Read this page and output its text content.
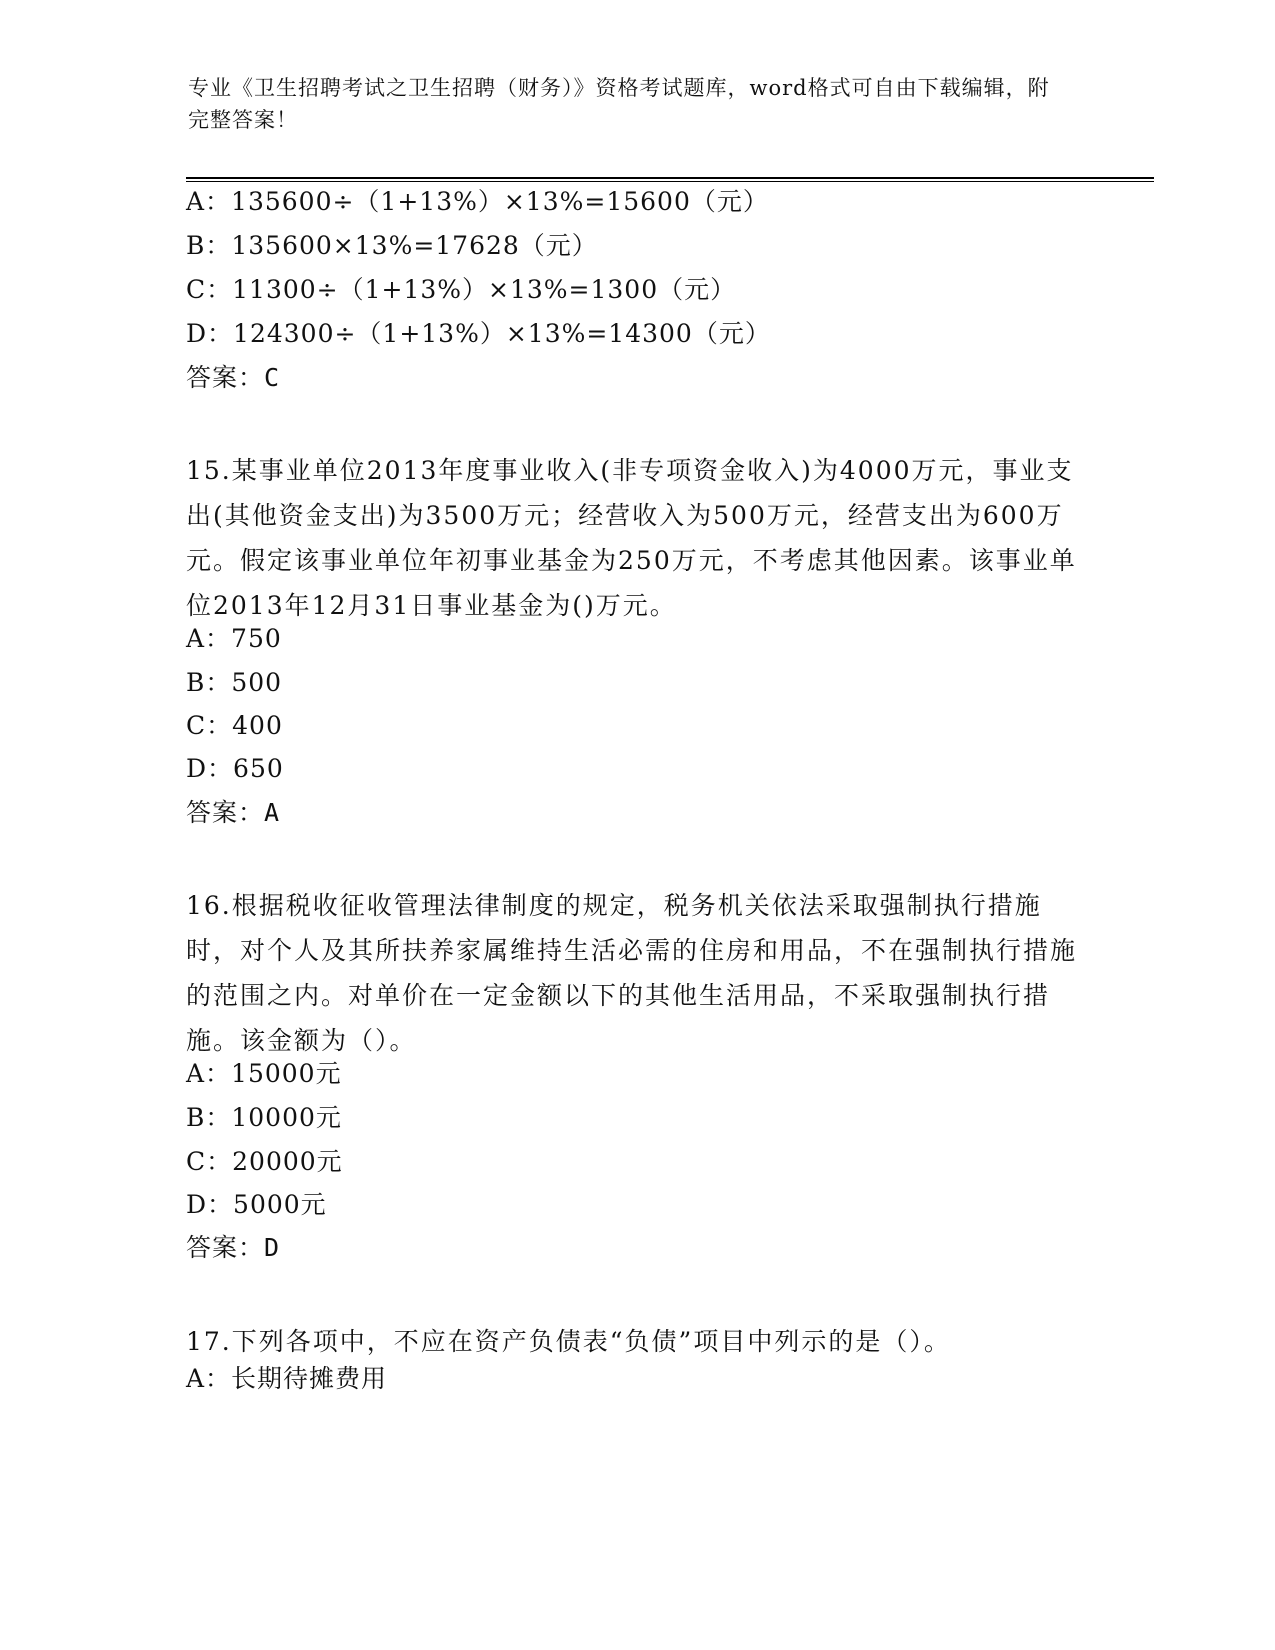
专业《卫生招聘考试之卫生招聘（财务）》资格考试题库，word格式可自由下载编辑，附完整答案！
A：135600÷（1+13%）×13%=15600（元）
B：135600×13%=17628（元）
C：11300÷（1+13%）×13%=1300（元）
D：124300÷（1+13%）×13%=14300（元）
答案：C
15.某事业单位2013年度事业收入(非专项资金收入)为4000万元，事业支出(其他资金支出)为3500万元；经营收入为500万元，经营支出为600万元。假定该事业单位年初事业基金为250万元，不考虑其他因素。该事业单位2013年12月31日事业基金为()万元。
A：750
B：500
C：400
D：650
答案：A
16.根据税收征收管理法律制度的规定，税务机关依法采取强制执行措施时，对个人及其所扶养家属维持生活必需的住房和用品，不在强制执行措施的范围之内。对单价在一定金额以下的其他生活用品，不采取强制执行措施。该金额为（）。
A：15000元
B：10000元
C：20000元
D：5000元
答案：D
17.下列各项中，不应在资产负债表“负债”项目中列示的是（）。
A：长期待摊费用
